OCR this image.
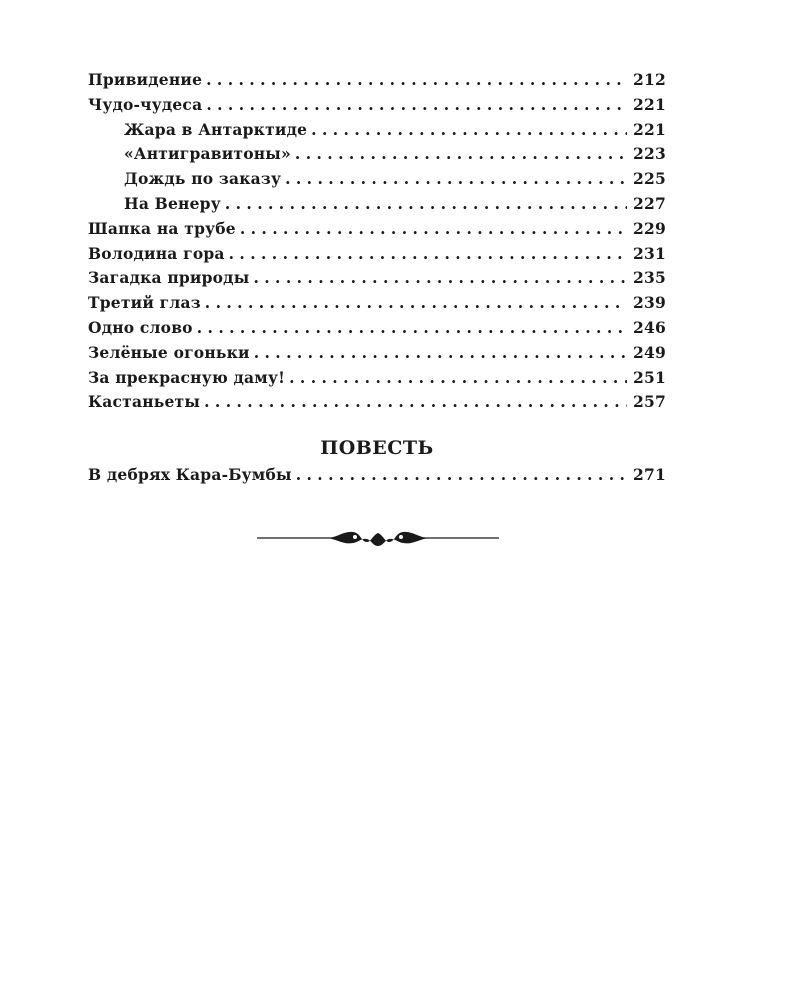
Привидение . . .	212
Чудо-чудеса . . .	221
Жара в Антарктиде . . .	221
«Антигравитоны» . . .	223
Дождь по заказу . . .	225
На Венеру . . .	227
Шапка на трубе . . .	229
Володина гора . . .	231
Загадка природы . . .	235
Третий глаз . . .	239
Одно слово . . .	246
Зелёные огоньки . . .	249
За прекрасную даму! . . .	251
Кастаньеты . . .	257
ПОВЕСТЬ
В дебрях Кара-Бумбы . . .	271
